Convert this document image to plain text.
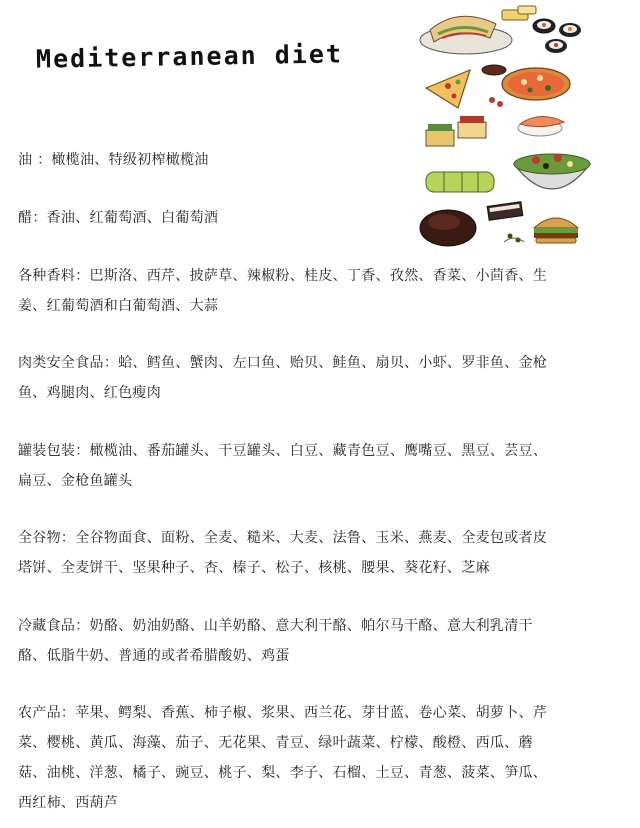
Mediterranean diet
油 ：橄榄油、特级初榨橄榄油
醋：香油、红葡萄酒、白葡萄酒
各种香料：巴斯洛、西芹、披萨草、辣椒粉、桂皮、丁香、孜然、香菜、小茴香、生
姜、红葡萄酒和白葡萄酒、大蒜
肉类安全食品：蛤、鳕鱼、蟹肉、左口鱼、贻贝、鲑鱼、扇贝、小虾、罗非鱼、金枪
鱼、鸡腿肉、红色瘦肉
罐装包装：橄榄油、番茄罐头、干豆罐头、白豆、藏青色豆、鹰嘴豆、黑豆、芸豆、
扁豆、金枪鱼罐头
全谷物：全谷物面食、面粉、全麦、糙米、大麦、法鲁、玉米、燕麦、全麦包或者皮
塔饼、全麦饼干、坚果种子、杏、榛子、松子、核桃、腰果、葵花籽、芝麻
冷藏食品：奶酪、奶油奶酪、山羊奶酪、意大利干酪、帕尔马干酪、意大利乳清干
酪、低脂牛奶、普通的或者希腊酸奶、鸡蛋
农产品：苹果、鳄梨、香蕉、柿子椒、浆果、西兰花、芽甘蓝、卷心菜、胡萝卜、芹
菜、樱桃、黄瓜、海藻、茄子、无花果、青豆、绿叶蔬菜、柠檬、酸橙、西瓜、蘑
菇、油桃、洋葱、橘子、豌豆、桃子、梨、李子、石榴、土豆、青葱、菠菜、笋瓜、
西红柿、西葫芦
